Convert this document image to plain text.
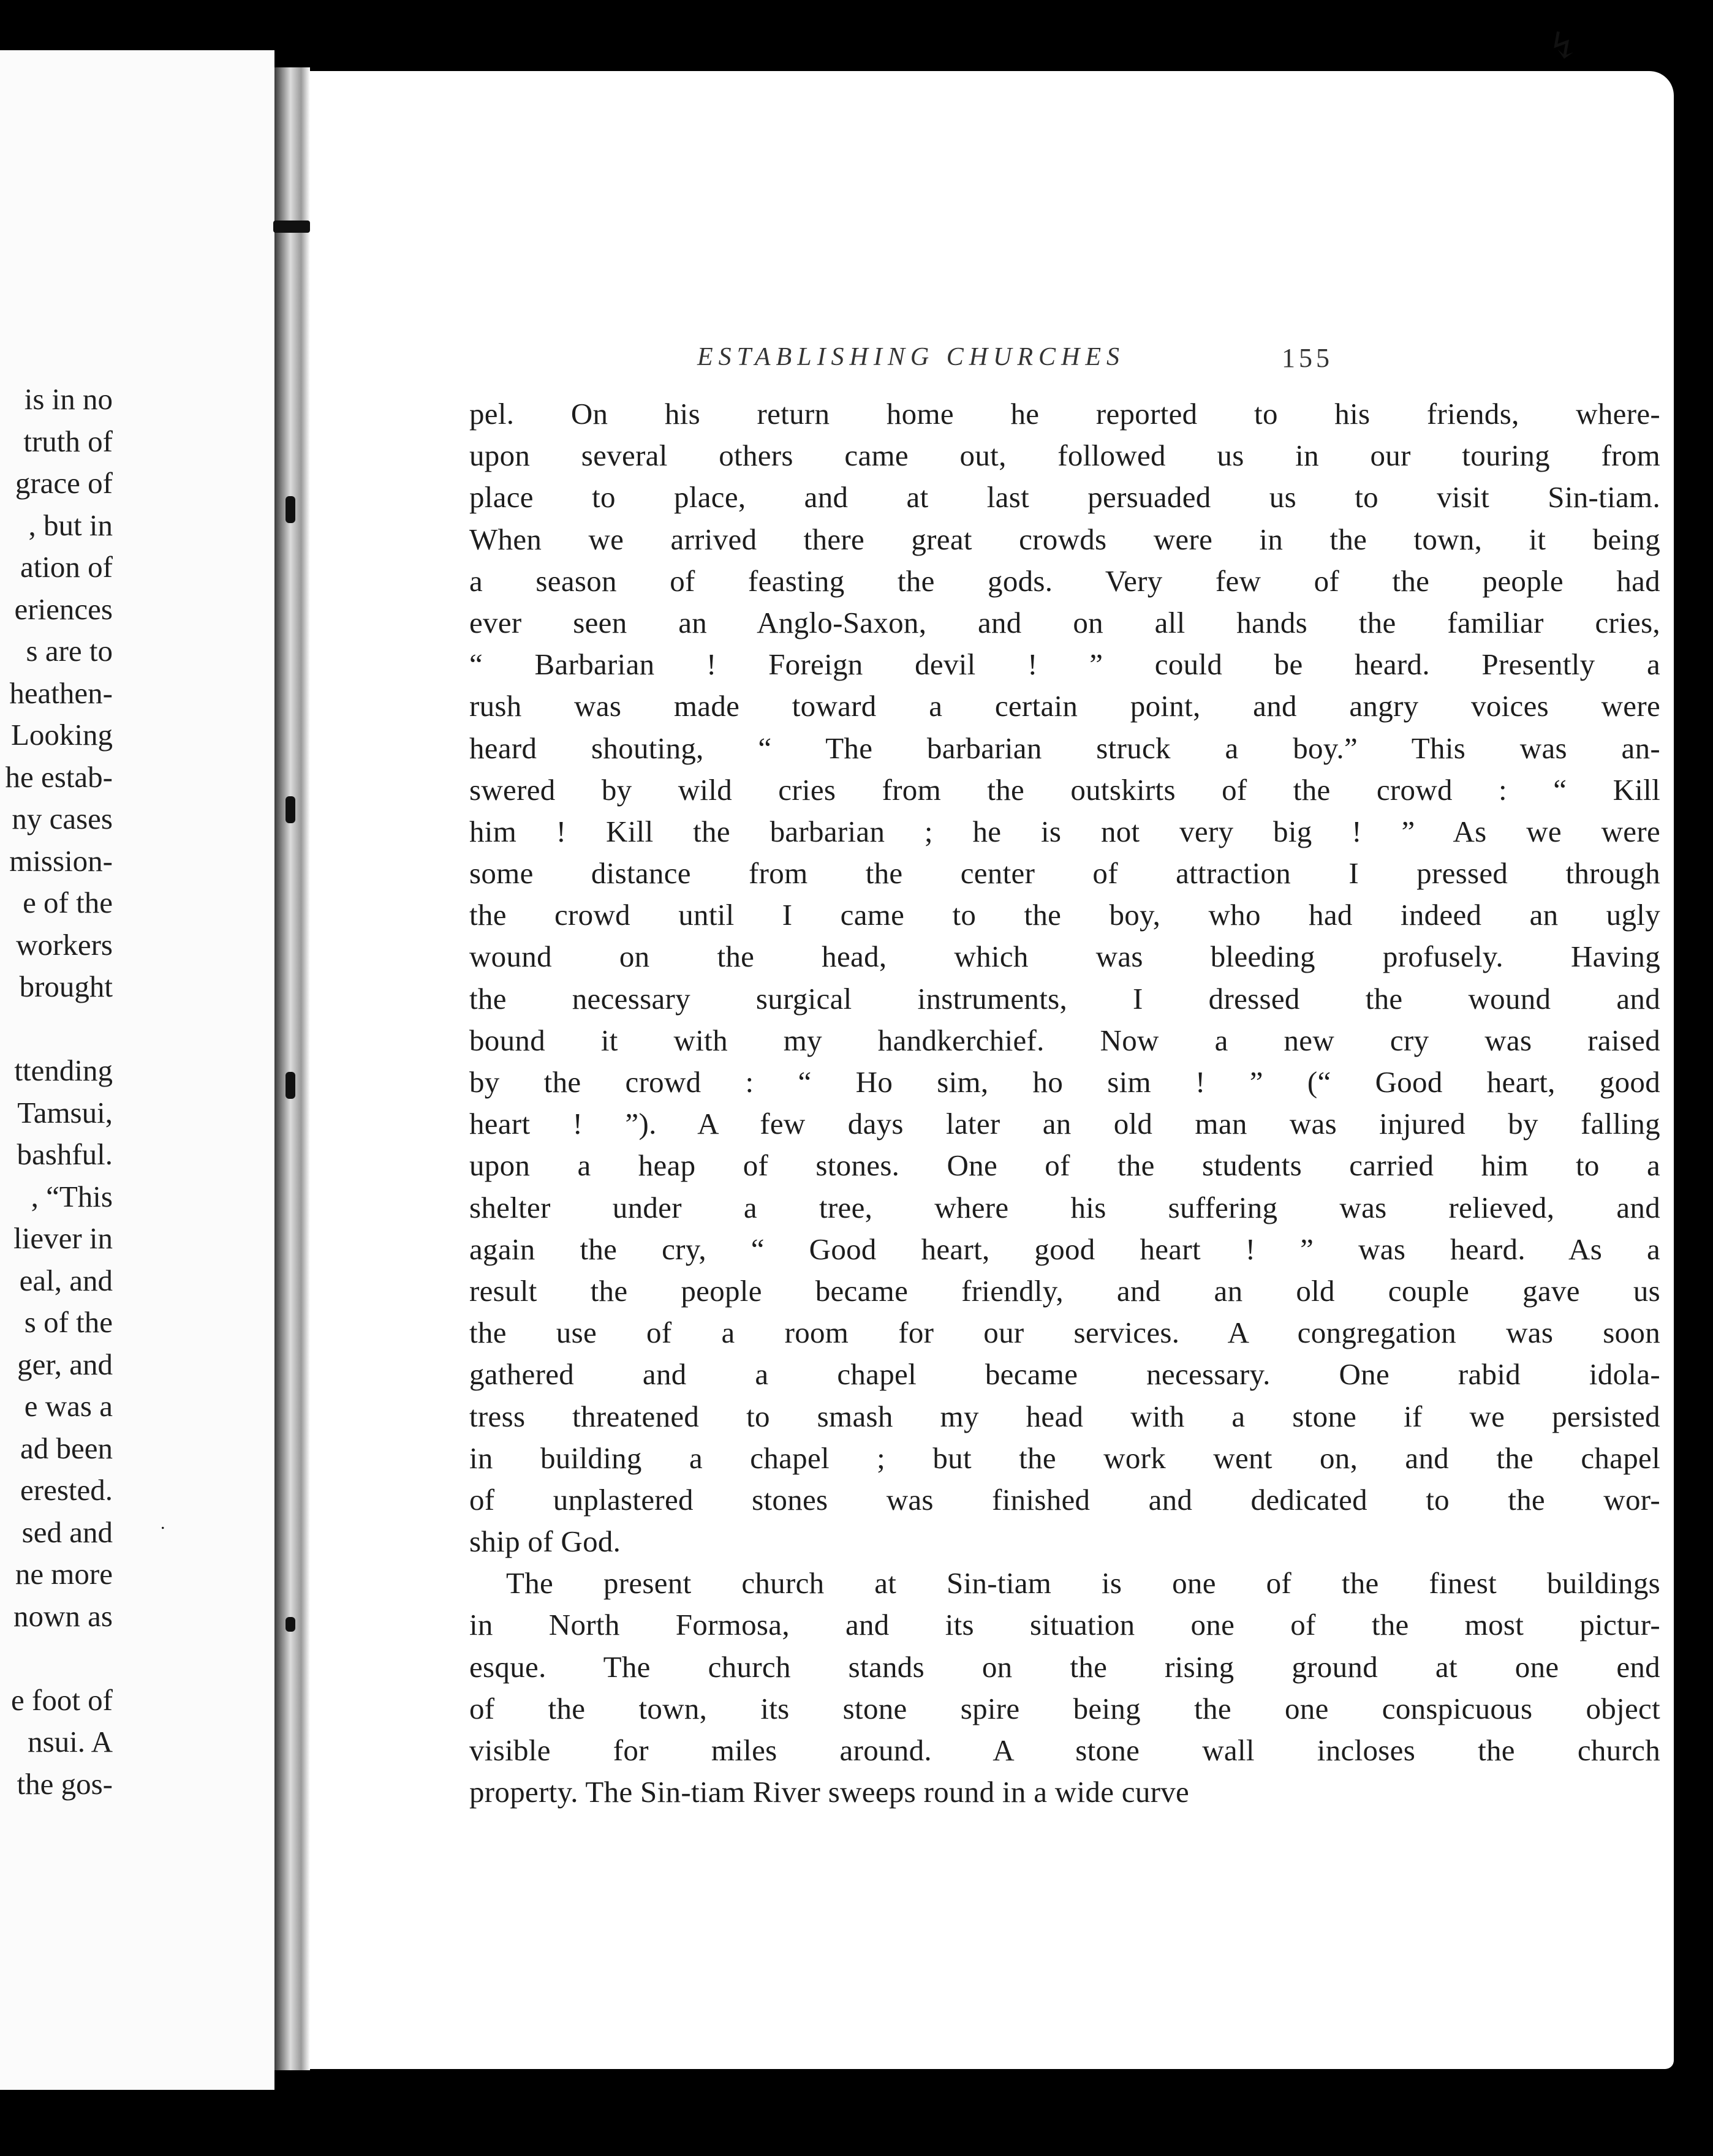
is in no
truth of
grace of
, but in
ation of
eriences
s are to
heathen-
Looking
he estab-
ny cases
mission-
e of the
workers
brought
ttending
Tamsui,
bashful.
, “This
liever in
eal, and
s of the
ger, and
e was a
ad been
erested.
sed and
ne more
nown as
e foot of
nsui. A
the gos-
ESTABLISHING CHURCHES	155
pel. On his return home he reported to his friends, where-
upon several others came out, followed us in our touring from
place to place, and at last persuaded us to visit Sin-tiam.
When we arrived there great crowds were in the town, it being
a season of feasting the gods. Very few of the people had
ever seen an Anglo-Saxon, and on all hands the familiar cries,
“ Barbarian ! Foreign devil ! ” could be heard. Presently a
rush was made toward a certain point, and angry voices were
heard shouting, “ The barbarian struck a boy.” This was an-
swered by wild cries from the outskirts of the crowd : “ Kill
him ! Kill the barbarian ; he is not very big ! ” As we were
some distance from the center of attraction I pressed through
the crowd until I came to the boy, who had indeed an ugly
wound on the head, which was bleeding profusely. Having
the necessary surgical instruments, I dressed the wound and
bound it with my handkerchief. Now a new cry was raised
by the crowd : “ Ho sim, ho sim ! ” (“ Good heart, good
heart ! ”). A few days later an old man was injured by falling
upon a heap of stones. One of the students carried him to a
shelter under a tree, where his suffering was relieved, and
again the cry, “ Good heart, good heart ! ” was heard. As a
result the people became friendly, and an old couple gave us
the use of a room for our services. A congregation was soon
gathered and a chapel became necessary. One rabid idola-
tress threatened to smash my head with a stone if we persisted
in building a chapel ; but the work went on, and the chapel
of unplastered stones was finished and dedicated to the wor-
ship of God.
The present church at Sin-tiam is one of the finest buildings
in North Formosa, and its situation one of the most pictur-
esque. The church stands on the rising ground at one end
of the town, its stone spire being the one conspicuous object
visible for miles around. A stone wall incloses the church
property. The Sin-tiam River sweeps round in a wide curve
↯
.
